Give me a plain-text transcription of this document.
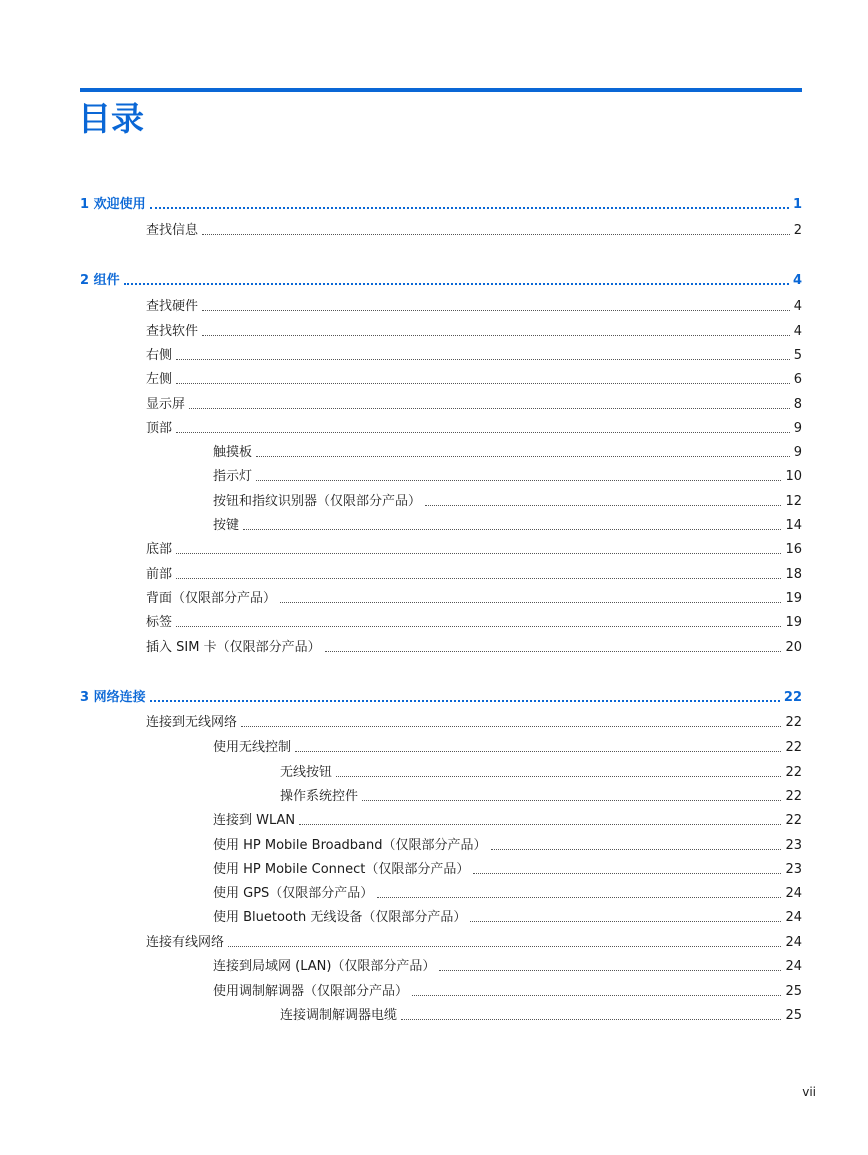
目录
1 欢迎使用	1
查找信息	2
2 组件	4
查找硬件	4
查找软件	4
右侧	5
左侧	6
显示屏	8
顶部	9
触摸板	9
指示灯	10
按钮和指纹识别器（仅限部分产品）	12
按键	14
底部	16
前部	18
背面（仅限部分产品）	19
标签	19
插入 SIM 卡（仅限部分产品）	20
3 网络连接	22
连接到无线网络	22
使用无线控制	22
无线按钮	22
操作系统控件	22
连接到 WLAN	22
使用 HP Mobile Broadband（仅限部分产品）	23
使用 HP Mobile Connect（仅限部分产品）	23
使用 GPS（仅限部分产品）	24
使用 Bluetooth 无线设备（仅限部分产品）	24
连接有线网络	24
连接到局域网 (LAN)（仅限部分产品）	24
使用调制解调器（仅限部分产品）	25
连接调制解调器电缆	25
vii
